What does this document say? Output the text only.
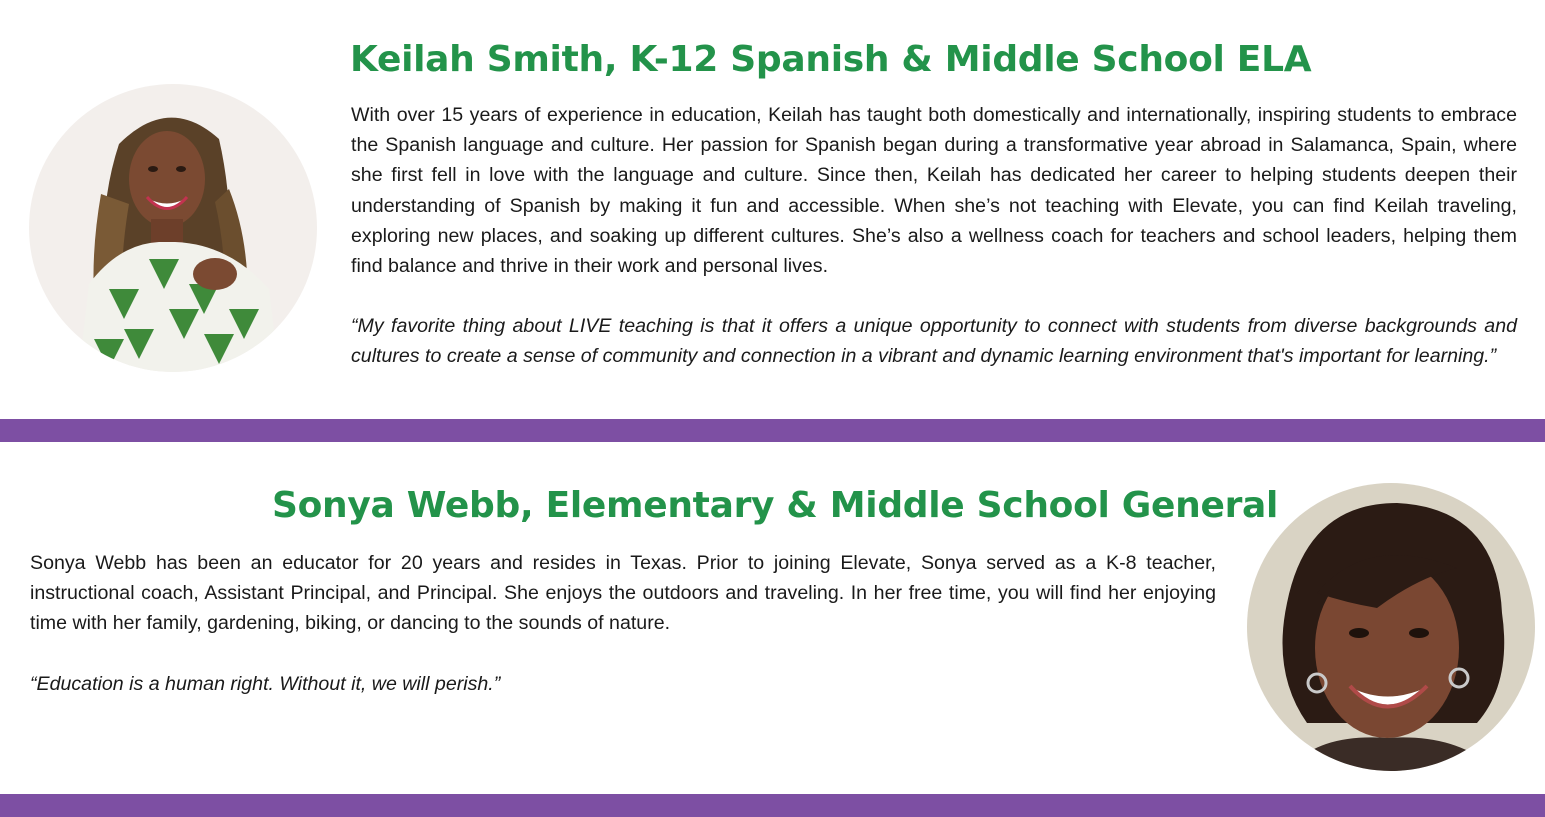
Keilah Smith, K-12 Spanish & Middle School ELA

With over 15 years of experience in education, Keilah has taught both domestically and internationally, inspiring students to embrace the Spanish language and culture. Her passion for Spanish began during a transformative year abroad in Salamanca, Spain, where she first fell in love with the language and culture. Since then, Keilah has dedicated her career to helping students deepen their understanding of Spanish by making it fun and accessible. When she’s not teaching with Elevate, you can find Keilah traveling, exploring new places, and soaking up different cultures. She’s also a wellness coach for teachers and school leaders, helping them find balance and thrive in their work and personal lives.

“My favorite thing about LIVE teaching is that it offers a unique opportunity to connect with students from diverse backgrounds and cultures to create a sense of community and connection in a vibrant and dynamic learning environment that's important for learning.”

Sonya Webb, Elementary & Middle School General

Sonya Webb has been an educator for 20 years and resides in Texas. Prior to joining Elevate, Sonya served as a K-8 teacher, instructional coach, Assistant Principal, and Principal. She enjoys the outdoors and traveling. In her free time, you will find her enjoying time with her family, gardening, biking, or dancing to the sounds of nature.

“Education is a human right. Without it, we will perish.”
